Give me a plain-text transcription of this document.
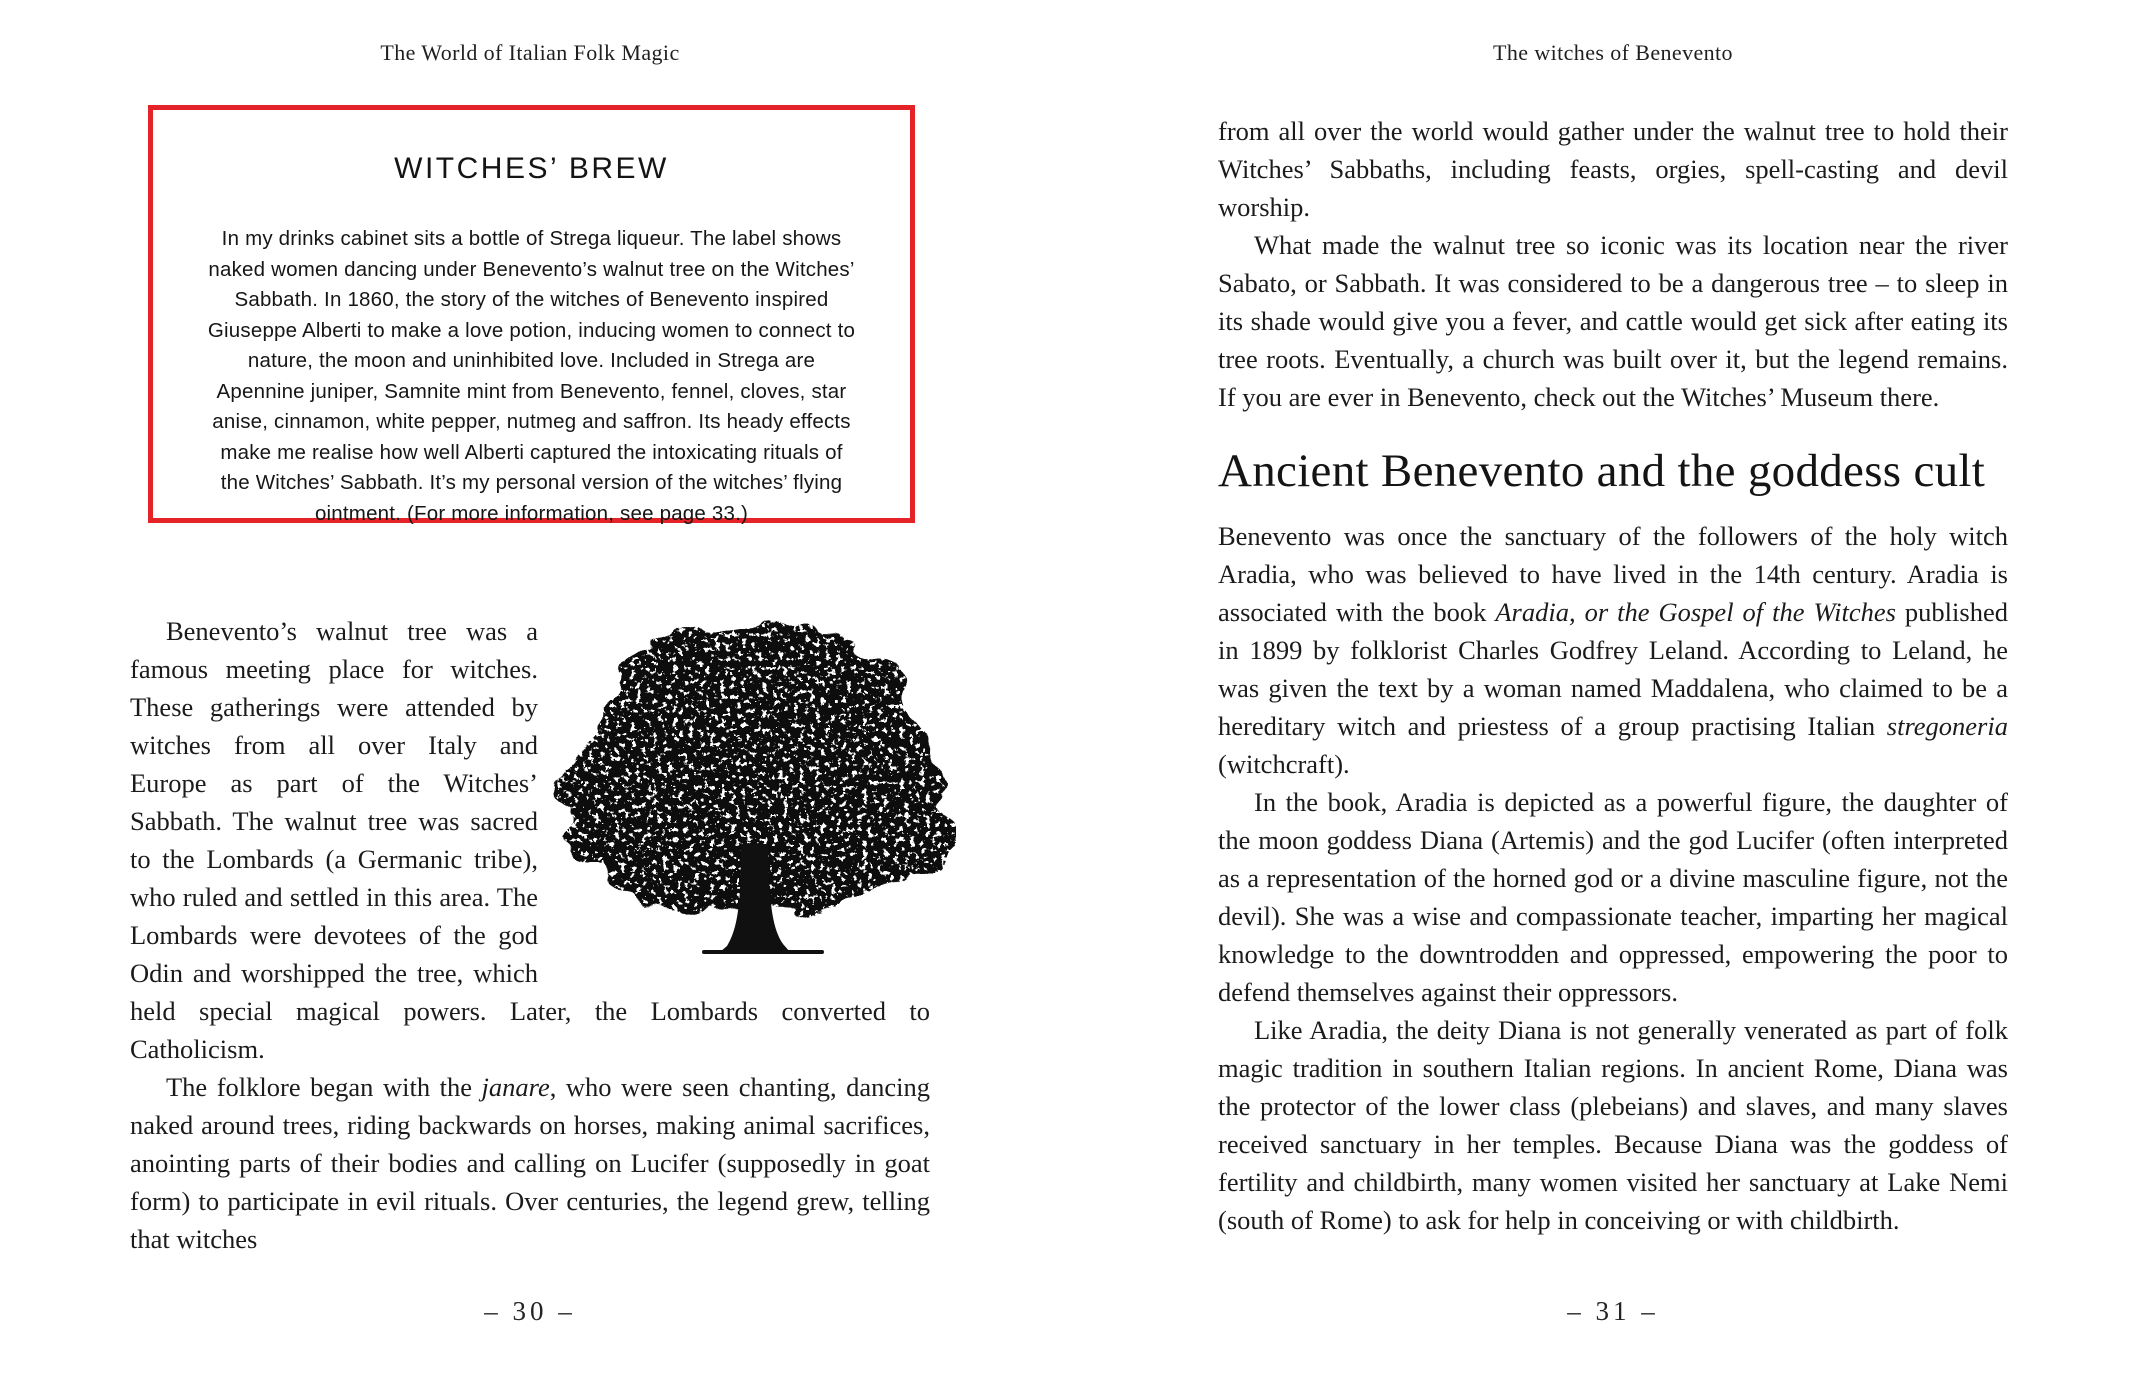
The World of Italian Folk Magic
WITCHES’ BREW
In my drinks cabinet sits a bottle of Strega liqueur. The label shows naked women dancing under Benevento’s walnut tree on the Witches’ Sabbath. In 1860, the story of the witches of Benevento inspired Giuseppe Alberti to make a love potion, inducing women to connect to nature, the moon and uninhibited love. Included in Strega are Apennine juniper, Samnite mint from Benevento, fennel, cloves, star anise, cinnamon, white pepper, nutmeg and saffron. Its heady effects make me realise how well Alberti captured the intoxicating rituals of the Witches’ Sabbath. It’s my personal version of the witches’ flying ointment. (For more information, see page 33.)

Benevento’s walnut tree was a famous meeting place for witches. These gatherings were attended by witches from all over Italy and Europe as part of the Witches’ Sabbath. The walnut tree was sacred to the Lombards (a Germanic tribe), who ruled and settled in this area. The Lombards were devotees of the god Odin and worshipped the tree, which held special magical powers. Later, the Lombards converted to Catholicism.

The folklore began with the janare, who were seen chanting, dancing naked around trees, riding backwards on horses, making animal sacrifices, anointing parts of their bodies and calling on Lucifer (supposedly in goat form) to participate in evil rituals. Over centuries, the legend grew, telling that witches

– 30 –
The witches of Benevento

from all over the world would gather under the walnut tree to hold their Witches’ Sabbaths, including feasts, orgies, spell-casting and devil worship.

What made the walnut tree so iconic was its location near the river Sabato, or Sabbath. It was considered to be a dangerous tree – to sleep in its shade would give you a fever, and cattle would get sick after eating its tree roots. Eventually, a church was built over it, but the legend remains. If you are ever in Benevento, check out the Witches’ Museum there.

Ancient Benevento and the goddess cult

Benevento was once the sanctuary of the followers of the holy witch Aradia, who was believed to have lived in the 14th century. Aradia is associated with the book Aradia, or the Gospel of the Witches published in 1899 by folklorist Charles Godfrey Leland. According to Leland, he was given the text by a woman named Maddalena, who claimed to be a hereditary witch and priestess of a group practising Italian stregoneria (witchcraft).

In the book, Aradia is depicted as a powerful figure, the daughter of the moon goddess Diana (Artemis) and the god Lucifer (often interpreted as a representation of the horned god or a divine masculine figure, not the devil). She was a wise and compassionate teacher, imparting her magical knowledge to the downtrodden and oppressed, empowering the poor to defend themselves against their oppressors.

Like Aradia, the deity Diana is not generally venerated as part of folk magic tradition in southern Italian regions. In ancient Rome, Diana was the protector of the lower class (plebeians) and slaves, and many slaves received sanctuary in her temples. Because Diana was the goddess of fertility and childbirth, many women visited her sanctuary at Lake Nemi (south of Rome) to ask for help in conceiving or with childbirth.

– 31 –
